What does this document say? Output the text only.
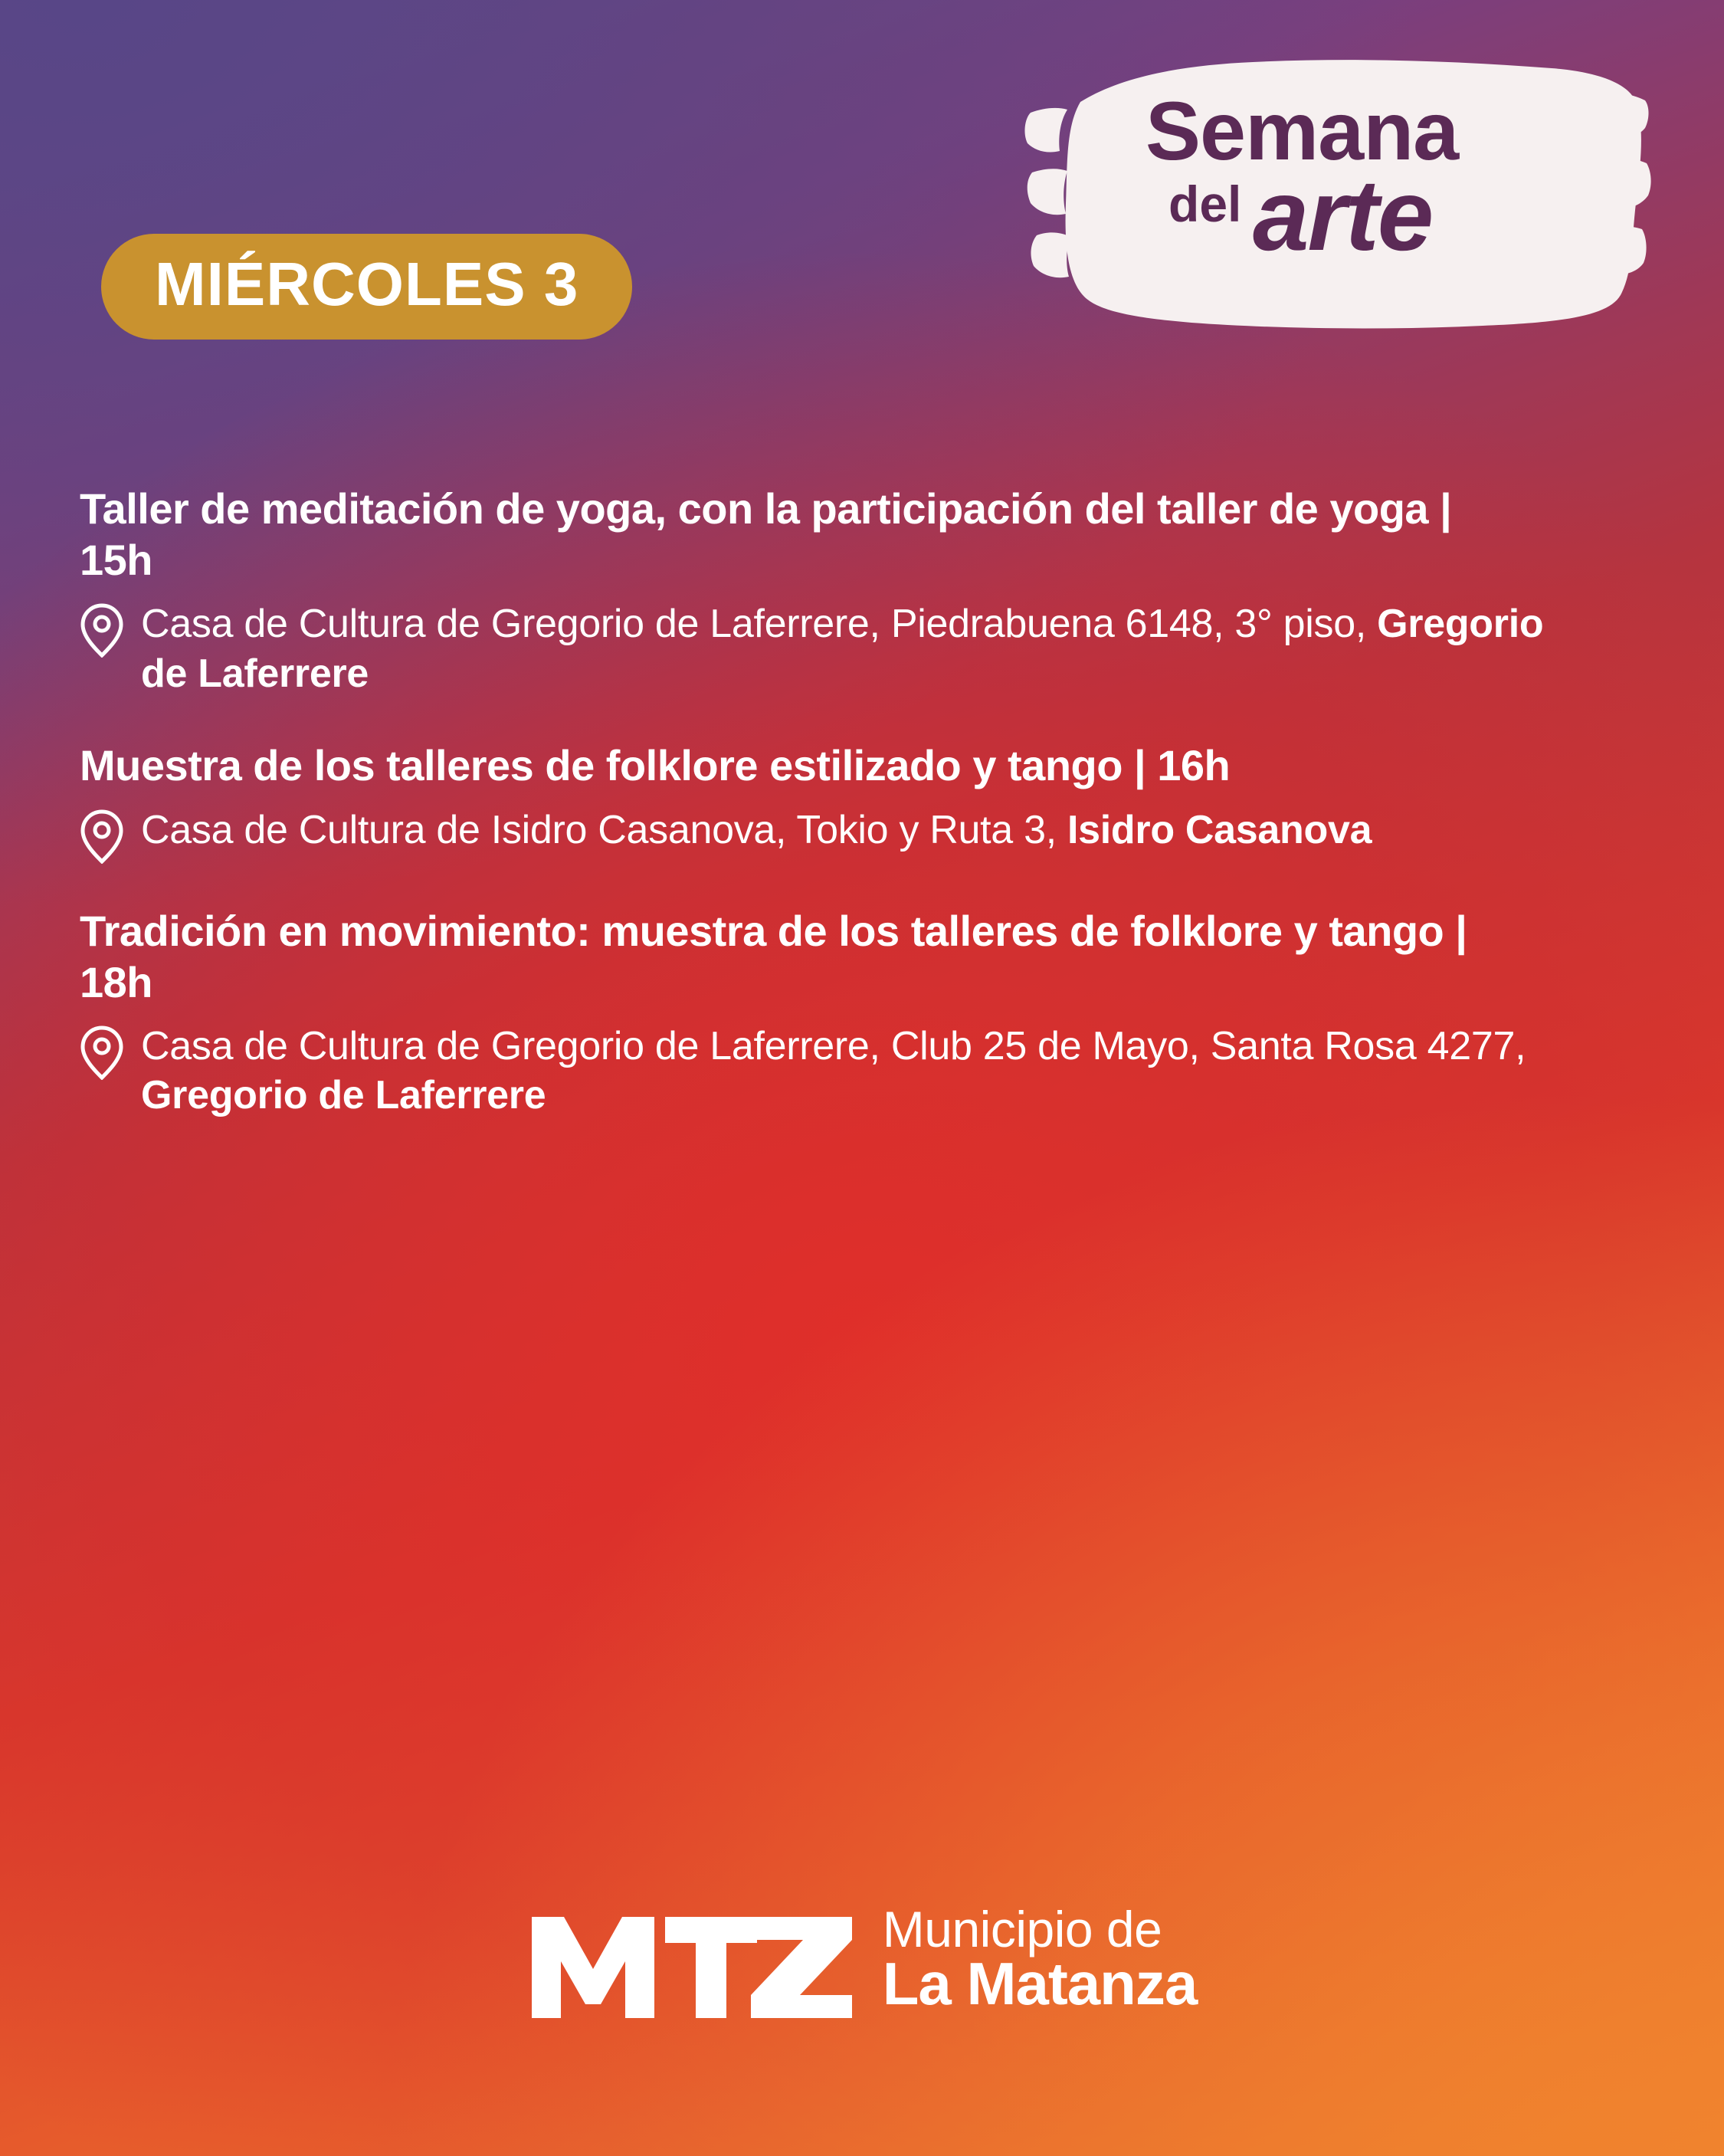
MIÉRCOLES 3
Semana
del arte
Taller de meditación de yoga, con la participación del taller de yoga | 15h
Casa de Cultura de Gregorio de Laferrere, Piedrabuena 6148, 3° piso, Gregorio de Laferrere
Muestra de los talleres de folklore estilizado y tango | 16h
Casa de Cultura de Isidro Casanova, Tokio y Ruta 3, Isidro Casanova
Tradición en movimiento: muestra de los talleres de folklore y tango | 18h
Casa de Cultura de Gregorio de Laferrere, Club 25 de Mayo, Santa Rosa 4277, Gregorio de Laferrere
Municipio de
La Matanza
